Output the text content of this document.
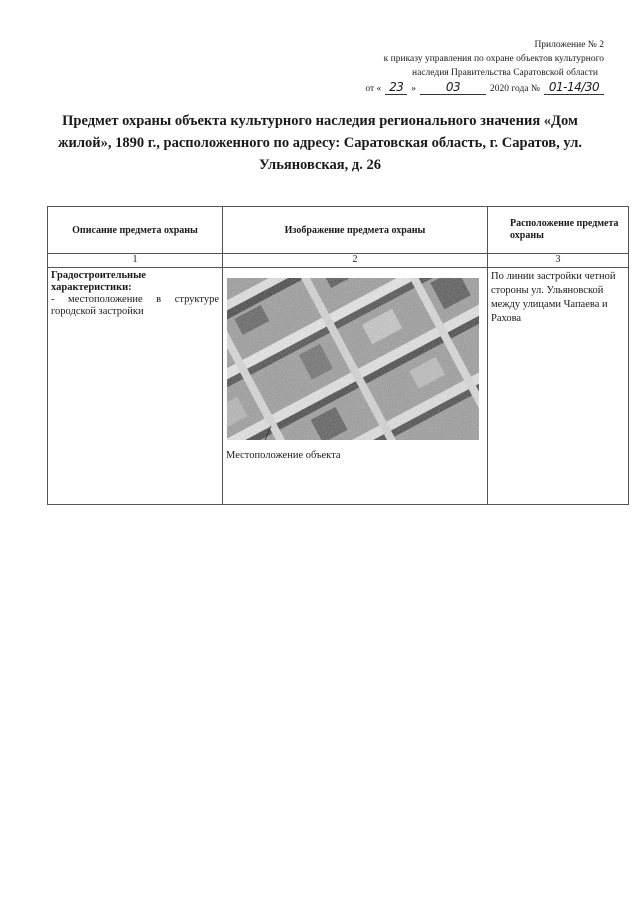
Приложение № 2
к приказу управления по охране объектов культурного
наследия Правительства Саратовской области
от « 23 »	03	2020 года № 01-14/30
Предмет охраны объекта культурного наследия регионального значения «Дом жилой», 1890 г., расположенного по адресу: Саратовская область, г. Саратов, ул. Ульяновская, д. 26
Описание предмета охраны	Изображение предмета охраны	Расположение предмета охраны
1	2	3

Градостроительные характеристики:
- местоположение в структуре городской застройки	Местоположение объекта	По линии застройки четной стороны ул. Ульяновской между улицами Чапаева и Рахова
